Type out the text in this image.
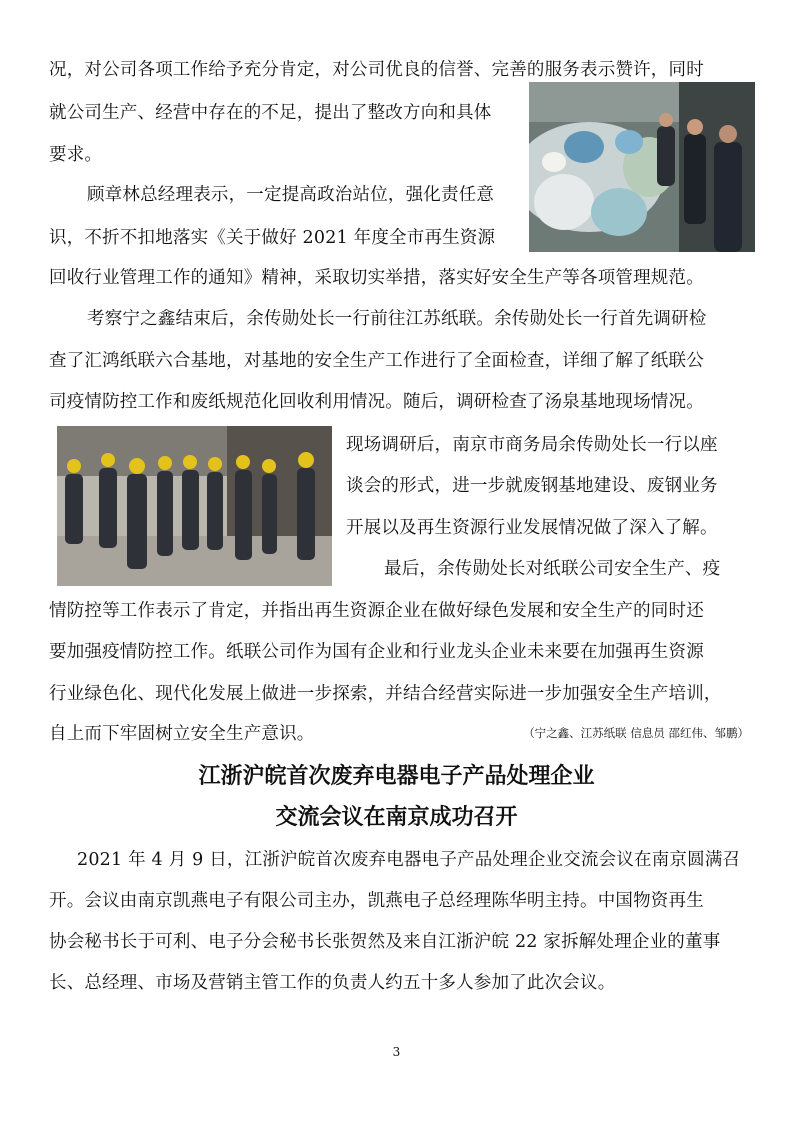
况，对公司各项工作给予充分肯定，对公司优良的信誉、完善的服务表示赞许，同时
就公司生产、经营中存在的不足，提出了整改方向和具体
要求。
顾章林总经理表示，一定提高政治站位，强化责任意
识，不折不扣地落实《关于做好 2021 年度全市再生资源
回收行业管理工作的通知》精神，采取切实举措，落实好安全生产等各项管理规范。
考察宁之鑫结束后，余传勋处长一行前往江苏纸联。余传勋处长一行首先调研检
查了汇鸿纸联六合基地，对基地的安全生产工作进行了全面检查，详细了解了纸联公
司疫情防控工作和废纸规范化回收利用情况。随后，调研检查了汤泉基地现场情况。
现场调研后，南京市商务局余传勋处长一行以座
谈会的形式，进一步就废钢基地建设、废钢业务
开展以及再生资源行业发展情况做了深入了解。
最后，余传勋处长对纸联公司安全生产、疫
情防控等工作表示了肯定，并指出再生资源企业在做好绿色发展和安全生产的同时还
要加强疫情防控工作。纸联公司作为国有企业和行业龙头企业未来要在加强再生资源
行业绿色化、现代化发展上做进一步探索，并结合经营实际进一步加强安全生产培训，
自上而下牢固树立安全生产意识。	（宁之鑫、江苏纸联 信息员 邵红伟、邹鹏）
江浙沪皖首次废弃电器电子产品处理企业
交流会议在南京成功召开
2021 年 4 月 9 日，江浙沪皖首次废弃电器电子产品处理企业交流会议在南京圆满召
开。会议由南京凯燕电子有限公司主办，凯燕电子总经理陈华明主持。中国物资再生
协会秘书长于可利、电子分会秘书长张贺然及来自江浙沪皖 22 家拆解处理企业的董事
长、总经理、市场及营销主管工作的负责人约五十多人参加了此次会议。
3
